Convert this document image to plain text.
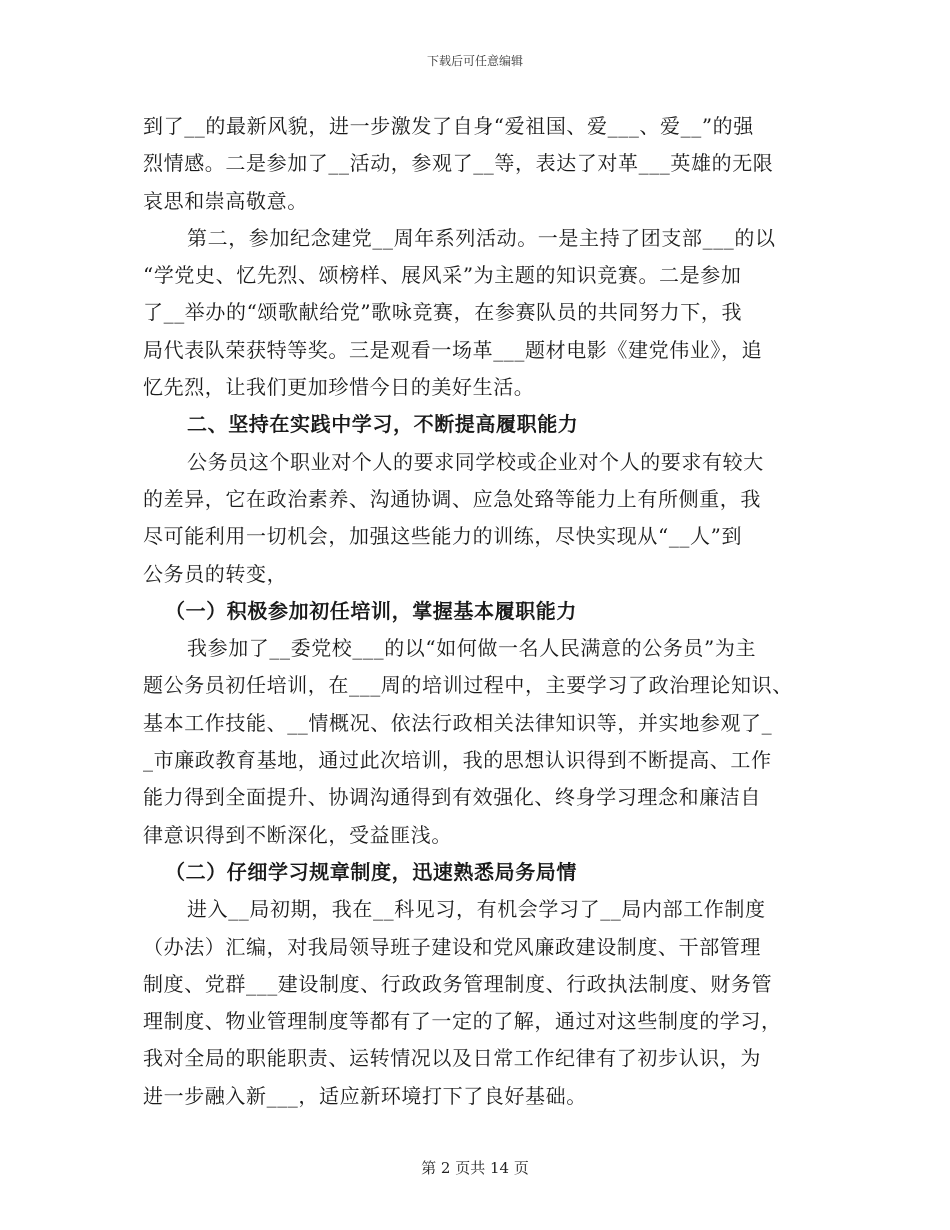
下载后可任意编辑
到了__的最新风貌，进一步激发了自身“爱祖国、爱___、爱__”的强
烈情感。二是参加了__活动，参观了__等，表达了对革___英雄的无限
哀思和崇高敬意。
第二，参加纪念建党__周年系列活动。一是主持了团支部___的以
“学党史、忆先烈、颂榜样、展风采”为主题的知识竞赛。二是参加
了__举办的“颂歌献给党”歌咏竞赛，在参赛队员的共同努力下，我
局代表队荣获特等奖。三是观看一场革___题材电影《建党伟业》，追
忆先烈，让我们更加珍惜今日的美好生活。
二、坚持在实践中学习，不断提高履职能力
公务员这个职业对个人的要求同学校或企业对个人的要求有较大
的差异，它在政治素养、沟通协调、应急处臵等能力上有所侧重，我
尽可能利用一切机会，加强这些能力的训练，尽快实现从“__人”到
公务员的转变，
（一）积极参加初任培训，掌握基本履职能力
我参加了__委党校___的以“如何做一名人民满意的公务员”为主
题公务员初任培训，在___周的培训过程中，主要学习了政治理论知识、
基本工作技能、__情概况、依法行政相关法律知识等，并实地参观了_
_市廉政教育基地，通过此次培训，我的思想认识得到不断提高、工作
能力得到全面提升、协调沟通得到有效强化、终身学习理念和廉洁自
律意识得到不断深化，受益匪浅。
（二）仔细学习规章制度，迅速熟悉局务局情
进入__局初期，我在__科见习，有机会学习了__局内部工作制度
（办法）汇编，对我局领导班子建设和党风廉政建设制度、干部管理
制度、党群___建设制度、行政政务管理制度、行政执法制度、财务管
理制度、物业管理制度等都有了一定的了解，通过对这些制度的学习，
我对全局的职能职责、运转情况以及日常工作纪律有了初步认识，为
进一步融入新___，适应新环境打下了良好基础。
第 2 页共 14 页
